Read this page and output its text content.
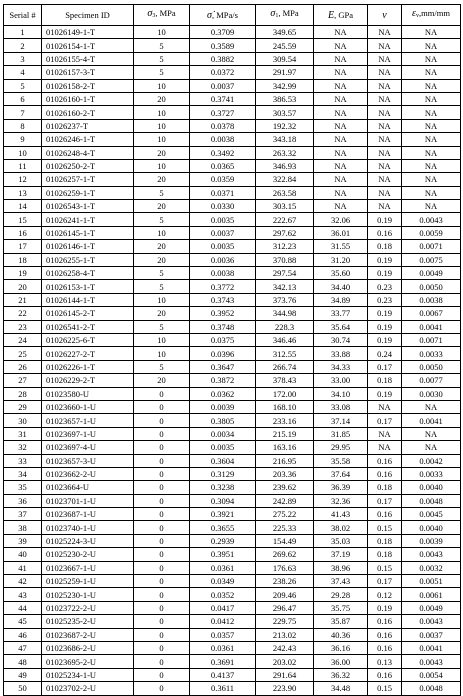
Serial #	Specimen ID	σ3, MPa	σ̇, MPa/s	σ1, MPa	E, GPa	ν	εv,mm/mm
1	01026149-1-T	10	0.3709	349.65	NA	NA	NA
2	01026154-1-T	5	0.3589	245.59	NA	NA	NA
3	01026155-4-T	5	0.3882	309.54	NA	NA	NA
4	01026157-3-T	5	0.0372	291.97	NA	NA	NA
5	01026158-2-T	10	0.0037	342.99	NA	NA	NA
6	01026160-1-T	20	0.3741	386.53	NA	NA	NA
7	01026160-2-T	10	0.3727	303.57	NA	NA	NA
8	01026237-T	10	0.0378	192.32	NA	NA	NA
9	01026246-1-T	10	0.0038	343.18	NA	NA	NA
10	01026248-4-T	20	0.3492	263.32	NA	NA	NA
11	01026250-2-T	10	0.0365	346.93	NA	NA	NA
12	01026257-1-T	20	0.0359	322.84	NA	NA	NA
13	01026259-1-T	5	0.0371	263.58	NA	NA	NA
14	01026543-1-T	20	0.0330	303.15	NA	NA	NA
15	01026241-1-T	5	0.0035	222.67	32.06	0.19	0.0043
16	01026145-1-T	10	0.0037	297.62	36.01	0.16	0.0059
17	01026146-1-T	20	0.0035	312.23	31.55	0.18	0.0071
18	01026255-1-T	20	0.0036	370.88	31.20	0.19	0.0075
19	01026258-4-T	5	0.0038	297.54	35.60	0.19	0.0049
20	01026153-1-T	5	0.3772	342.13	34.40	0.23	0.0050
21	01026144-1-T	10	0.3743	373.76	34.89	0.23	0.0038
22	01026145-2-T	20	0.3952	344.98	33.77	0.19	0.0067
23	01026541-2-T	5	0.3748	228.3	35.64	0.19	0.0041
24	01026225-6-T	10	0.0375	346.46	30.74	0.19	0.0071
25	01026227-2-T	10	0.0396	312.55	33.88	0.24	0.0033
26	01026226-1-T	5	0.3647	266.74	34.33	0.17	0.0050
27	01026229-2-T	20	0.3872	378.43	33.00	0.18	0.0077
28	01023580-U	0	0.0362	172.00	34.10	0.19	0.0030
29	01023660-1-U	0	0.0039	168.10	33.08	NA	NA
30	01023657-1-U	0	0.3805	233.16	37.14	0.17	0.0041
31	01023697-1-U	0	0.0034	215.19	31.85	NA	NA
32	01023697-4-U	0	0.0035	163.16	29.95	NA	NA
33	01023657-3-U	0	0.3604	216.95	35.58	0.16	0.0042
34	01023662-2-U	0	0.3129	203.36	37.64	0.16	0.0033
35	01023664-U	0	0.3238	239.62	36.39	0.18	0.0040
36	01023701-1-U	0	0.3094	242.89	32.36	0.17	0.0048
37	01023687-1-U	0	0.3921	275.22	41.43	0.16	0.0045
38	01023740-1-U	0	0.3655	225.33	38.02	0.15	0.0040
39	01025224-3-U	0	0.2939	154.49	35.03	0.18	0.0039
40	01025230-2-U	0	0.3951	269.62	37.19	0.18	0.0043
41	01023667-1-U	0	0.0361	176.63	38.96	0.15	0.0032
42	01025259-1-U	0	0.0349	238.26	37.43	0.17	0.0051
43	01025230-1-U	0	0.0352	209.46	29.28	0.12	0.0061
44	01023722-2-U	0	0.0417	296.47	35.75	0.19	0.0049
45	01025235-2-U	0	0.0412	229.75	35.87	0.16	0.0043
46	01023687-2-U	0	0.0357	213.02	40.36	0.16	0.0037
47	01023686-2-U	0	0.0361	242.43	36.16	0.16	0.0041
48	01023695-2-U	0	0.3691	203.02	36.00	0.13	0.0043
49	01025234-1-U	0	0.4137	291.64	36.32	0.16	0.0054
50	01023702-2-U	0	0.3611	223.90	34.48	0.15	0.0048
